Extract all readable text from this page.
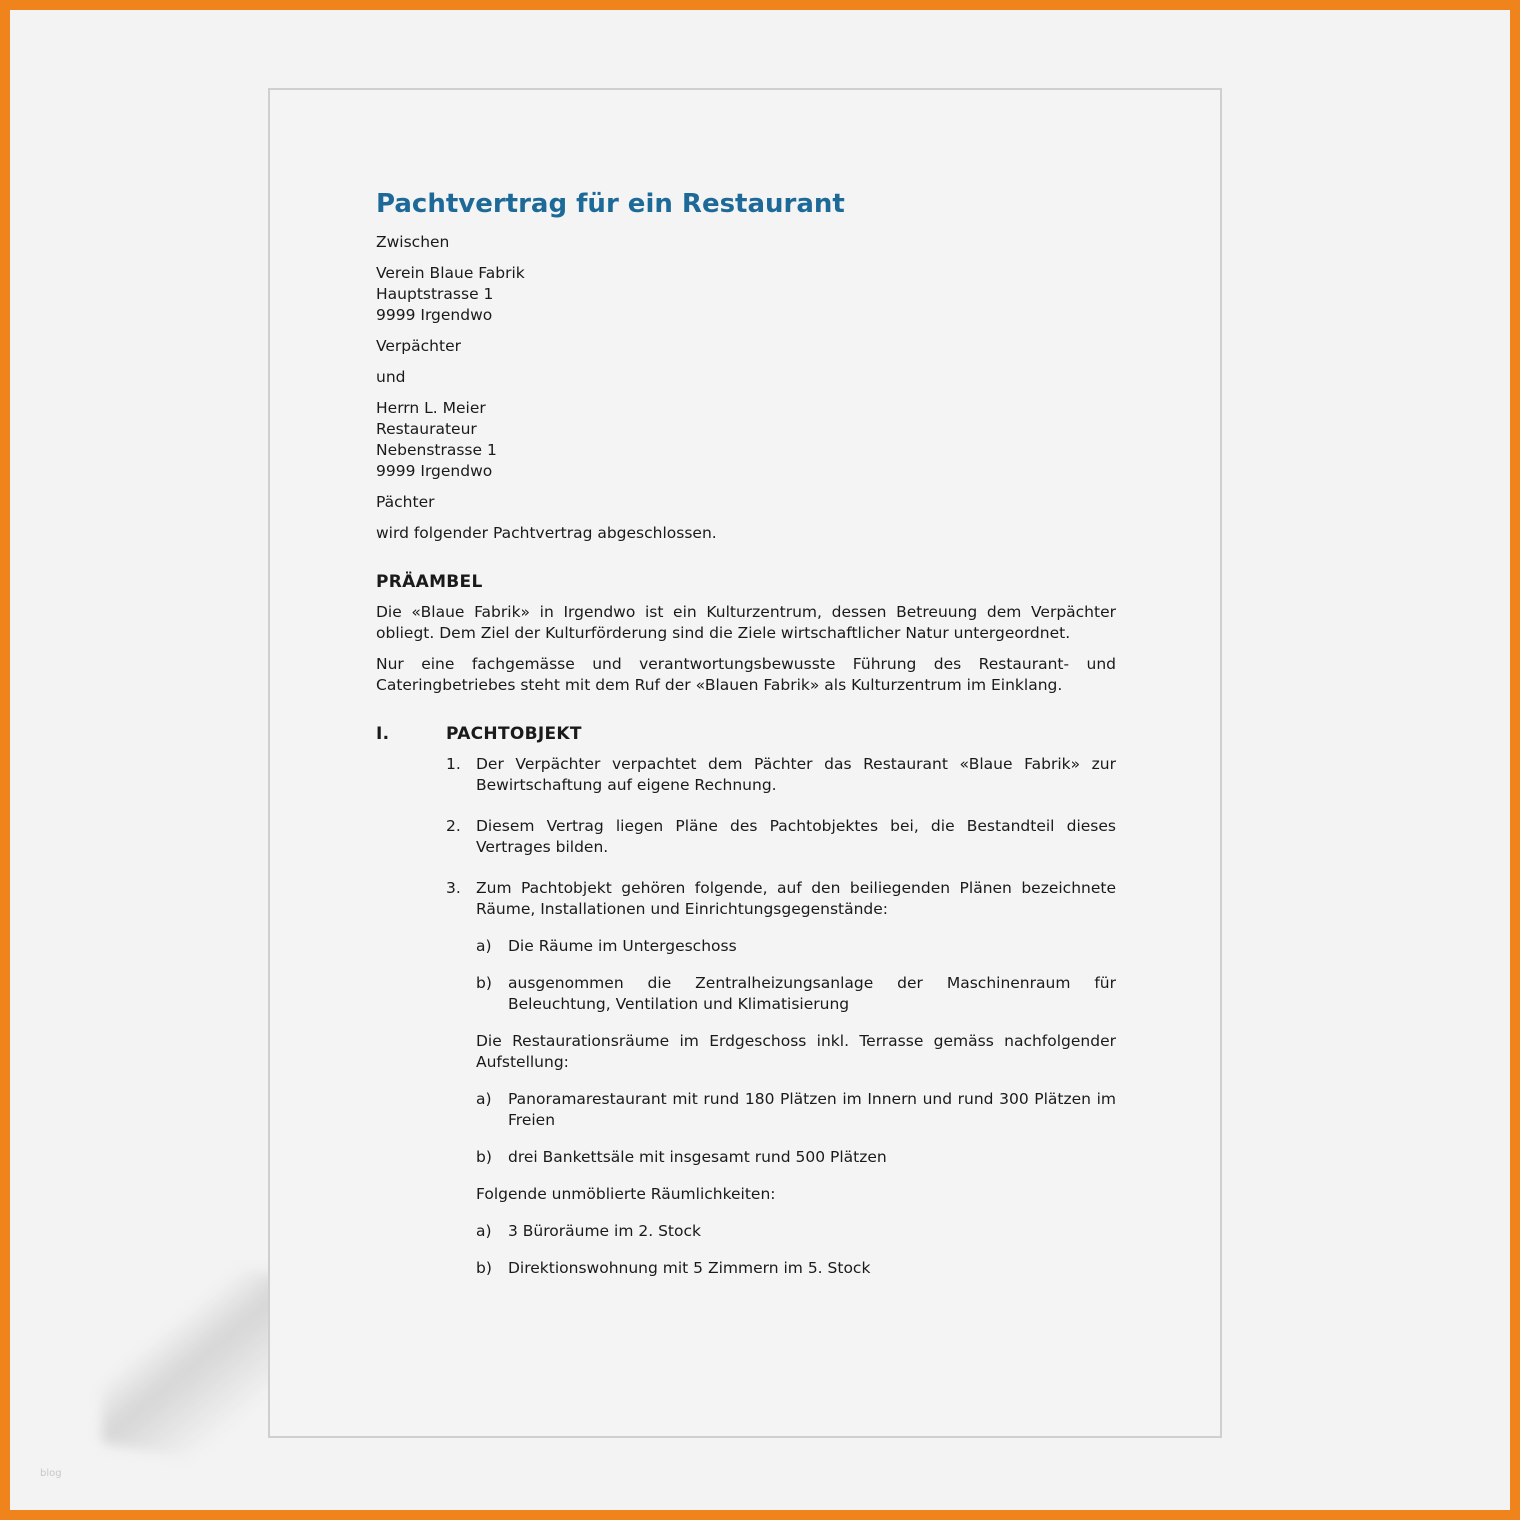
Pachtvertrag für ein Restaurant

Zwischen

Verein Blaue Fabrik
Hauptstrasse 1
9999 Irgendwo

Verpächter

und

Herrn L. Meier
Restaurateur
Nebenstrasse 1
9999 Irgendwo

Pächter

wird folgender Pachtvertrag abgeschlossen.

PRÄAMBEL

Die «Blaue Fabrik» in Irgendwo ist ein Kulturzentrum, dessen Betreuung dem Verpächter obliegt. Dem Ziel der Kulturförderung sind die Ziele wirtschaftlicher Natur untergeordnet.

Nur eine fachgemässe und verantwortungsbewusste Führung des Restaurant- und Cateringbetriebes steht mit dem Ruf der «Blauen Fabrik» als Kulturzentrum im Einklang.

I.	PACHTOBJEKT
1. Der Verpächter verpachtet dem Pächter das Restaurant «Blaue Fabrik» zur Bewirtschaftung auf eigene Rechnung.
2. Diesem Vertrag liegen Pläne des Pachtobjektes bei, die Bestandteil dieses Vertrages bilden.
3. Zum Pachtobjekt gehören folgende, auf den beiliegenden Plänen bezeichnete Räume, Installationen und Einrichtungsgegenstände:
a)	Die Räume im Untergeschoss
b)	ausgenommen die Zentralheizungsanlage der Maschinenraum für Beleuchtung, Ventilation und Klimatisierung
Die Restaurationsräume im Erdgeschoss inkl. Terrasse gemäss nachfolgender Aufstellung:
a)	Panoramarestaurant mit rund 180 Plätzen im Innern und rund 300 Plätzen im Freien
b)	drei Bankettsäle mit insgesamt rund 500 Plätzen
Folgende unmöblierte Räumlichkeiten:
a)	3 Büroräume im 2. Stock
b)	Direktionswohnung mit 5 Zimmern im 5. Stock
blog
